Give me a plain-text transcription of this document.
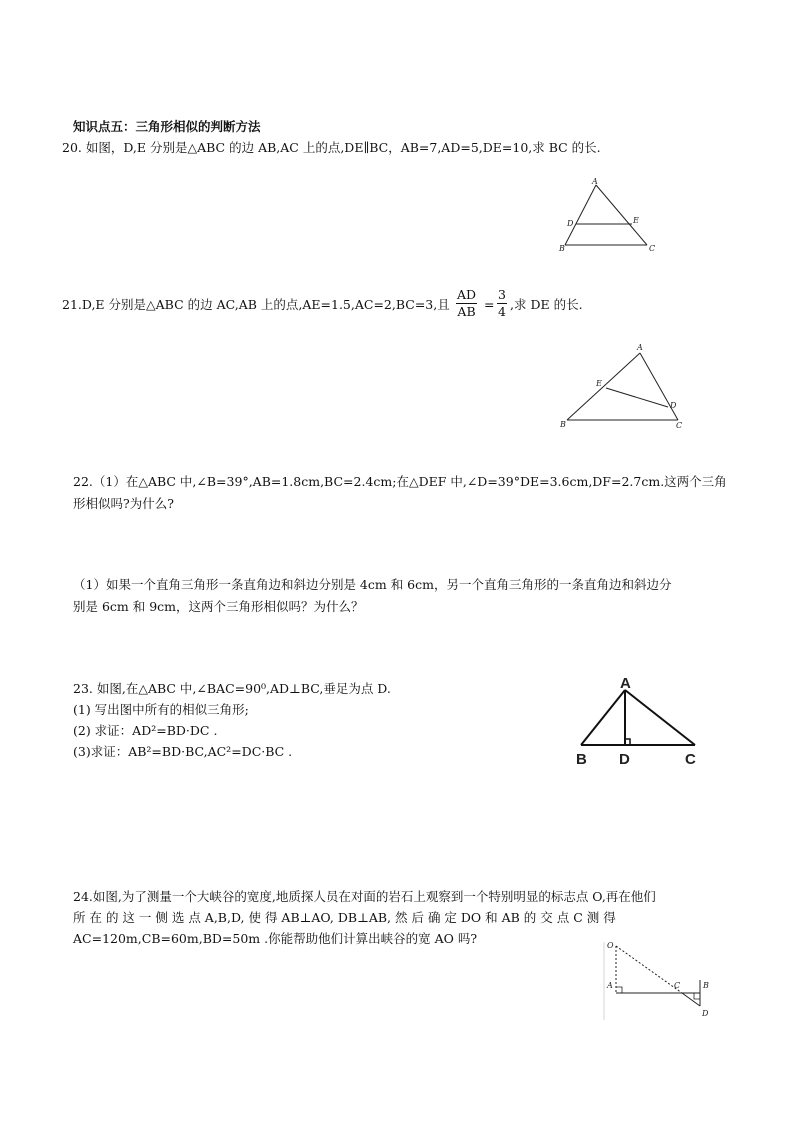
知识点五：三角形相似的判断方法
20. 如图，D,E 分别是△ABC 的边 AB,AC 上的点,DE∥BC，AB=7,AD=5,DE=10,求 BC 的长.
A
D	E
B	C
21.D,E 分别是△ABC 的边 AC,AB 上的点,AE=1.5,AC=2,BC=3,且 $\frac{AD}{AB} = \frac{3}{4}$ ,求 DE 的长.
A
E
D
B	C
22.（1）在△ABC 中,∠B=39°,AB=1.8cm,BC=2.4cm;在△DEF 中,∠D=39°DE=3.6cm,DF=2.7cm.这两个三角
形相似吗?为什么?
（1）如果一个直角三角形一条直角边和斜边分别是 4cm 和 6cm，另一个直角三角形的一条直角边和斜边分
别是 6cm 和 9cm，这两个三角形相似吗？为什么？
23. 如图,在△ABC 中,∠BAC=90⁰,AD⊥BC,垂足为点 D.
(1) 写出图中所有的相似三角形;
(2) 求证：AD²=BD·DC .
(3)求证：AB²=BD·BC,AC²=DC·BC .
A
B D	C
24.如图,为了测量一个大峡谷的宽度,地质探人员在对面的岩石上观察到一个特别明显的标志点 O,再在他们
所 在 的 这 一 侧 选 点 A,B,D, 使 得 AB⊥AO, DB⊥AB, 然 后 确 定 DO 和 AB 的 交 点 C 测 得
AC=120m,CB=60m,BD=50m .你能帮助他们计算出峡谷的宽 AO 吗?	O
A	C	B
D
